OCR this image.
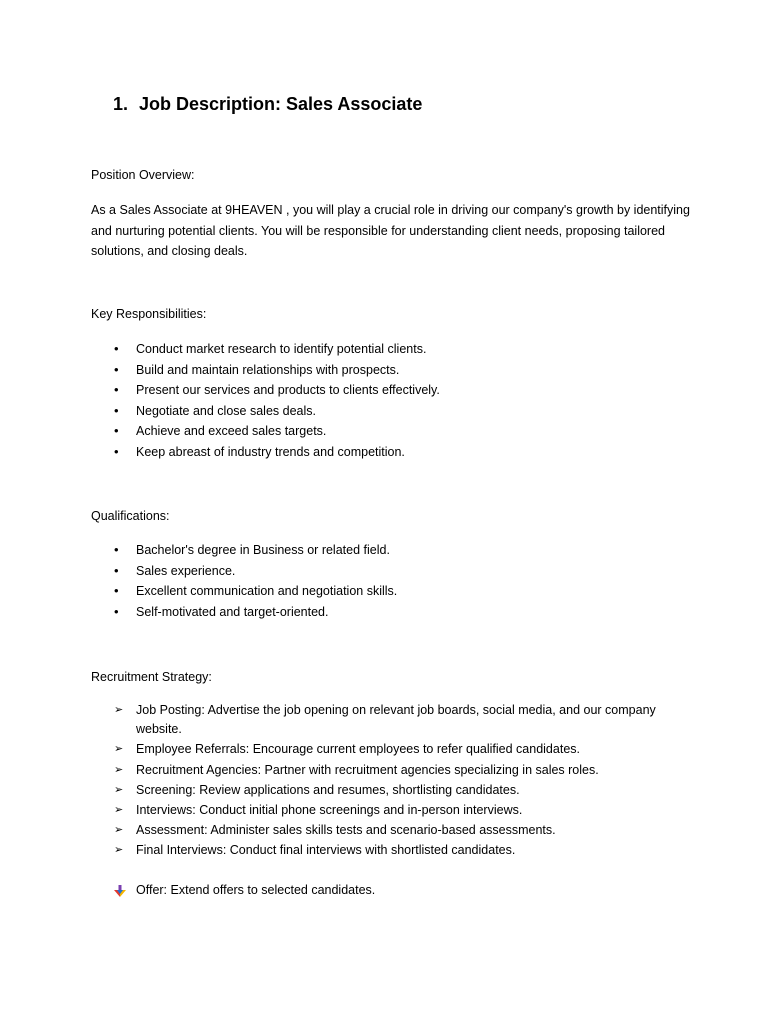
1. Job Description: Sales Associate
Position Overview:
As a Sales Associate at 9HEAVEN , you will play a crucial role in driving our company's growth by identifying and nurturing potential clients. You will be responsible for understanding client needs, proposing tailored solutions, and closing deals.
Key Responsibilities:
•	Conduct market research to identify potential clients.
•	Build and maintain relationships with prospects.
•	Present our services and products to clients effectively.
•	Negotiate and close sales deals.
•	Achieve and exceed sales targets.
•	Keep abreast of industry trends and competition.
Qualifications:
•	Bachelor's degree in Business or related field.
•	Sales experience.
•	Excellent communication and negotiation skills.
•	Self-motivated and target-oriented.
Recruitment Strategy:
➢	Job Posting: Advertise the job opening on relevant job boards, social media, and our company website.
➢	Employee Referrals: Encourage current employees to refer qualified candidates.
➢	Recruitment Agencies: Partner with recruitment agencies specializing in sales roles.
➢	Screening: Review applications and resumes, shortlisting candidates.
➢	Interviews: Conduct initial phone screenings and in-person interviews.
➢	Assessment: Administer sales skills tests and scenario-based assessments.
➢	Final Interviews: Conduct final interviews with shortlisted candidates.
Offer: Extend offers to selected candidates.
